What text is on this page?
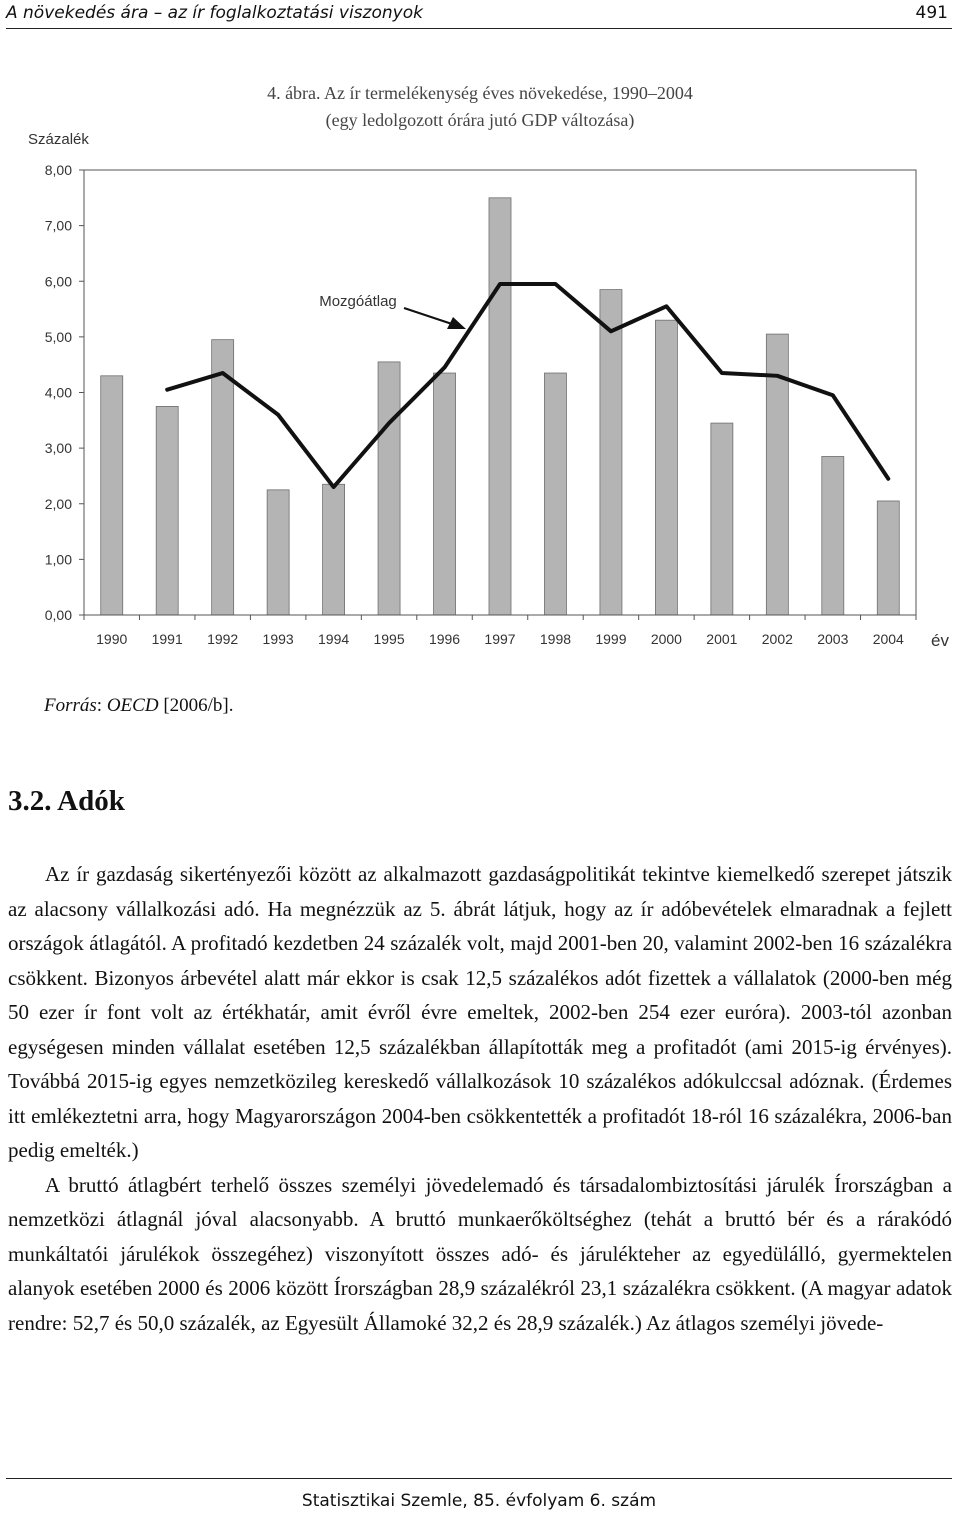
A növekedés ára – az ír foglalkoztatási viszonyok	491
4. ábra. Az ír termelékenység éves növekedése, 1990–2004
(egy ledolgozott órára jutó GDP változása)
Százalék
0,00
1,00
2,00
3,00
4,00
5,00
6,00
7,00
8,00
1990 1991 1992 1993 1994 1995 1996 1997 1998 1999 2000 2001 2002 2003 2004 év
Mozgóátlag
Forrás: OECD [2006/b].
3.2. Adók

Az ír gazdaság sikertényezői között az alkalmazott gazdaságpolitikát tekintve kiemelkedő szerepet játszik az alacsony vállalkozási adó. Ha megnézzük az 5. ábrát látjuk, hogy az ír adóbevételek elmaradnak a fejlett országok átlagától. A profitadó kezdetben 24 százalék volt, majd 2001-ben 20, valamint 2002-ben 16 százalékra csökkent. Bizonyos árbevétel alatt már ekkor is csak 12,5 százalékos adót fizettek a vállalatok (2000-ben még 50 ezer ír font volt az értékhatár, amit évről évre emeltek, 2002-ben 254 ezer euróra). 2003-tól azonban egységesen minden vállalat esetében 12,5 százalékban állapították meg a profitadót (ami 2015-ig érvényes). Továbbá 2015-ig egyes nemzetközileg kereskedő vállalkozások 10 százalékos adókulccsal adóznak. (Érdemes itt emlékeztetni arra, hogy Magyarországon 2004-ben csökkentették a profitadót 18-ról 16 százalékra, 2006-ban pedig emelték.)

A bruttó átlagbért terhelő összes személyi jövedelemadó és társadalombiztosítási járulék Írországban a nemzetközi átlagnál jóval alacsonyabb. A bruttó munkaerőköltséghez (tehát a bruttó bér és a rárakódó munkáltatói járulékok összegéhez) viszonyított összes adó- és járulékteher az egyedülálló, gyermektelen alanyok esetében 2000 és 2006 között Írországban 28,9 százalékról 23,1 százalékra csökkent. (A magyar adatok rendre: 52,7 és 50,0 százalék, az Egyesült Államoké 32,2 és 28,9 százalék.) Az átlagos személyi jövede-

Statisztikai Szemle, 85. évfolyam 6. szám
